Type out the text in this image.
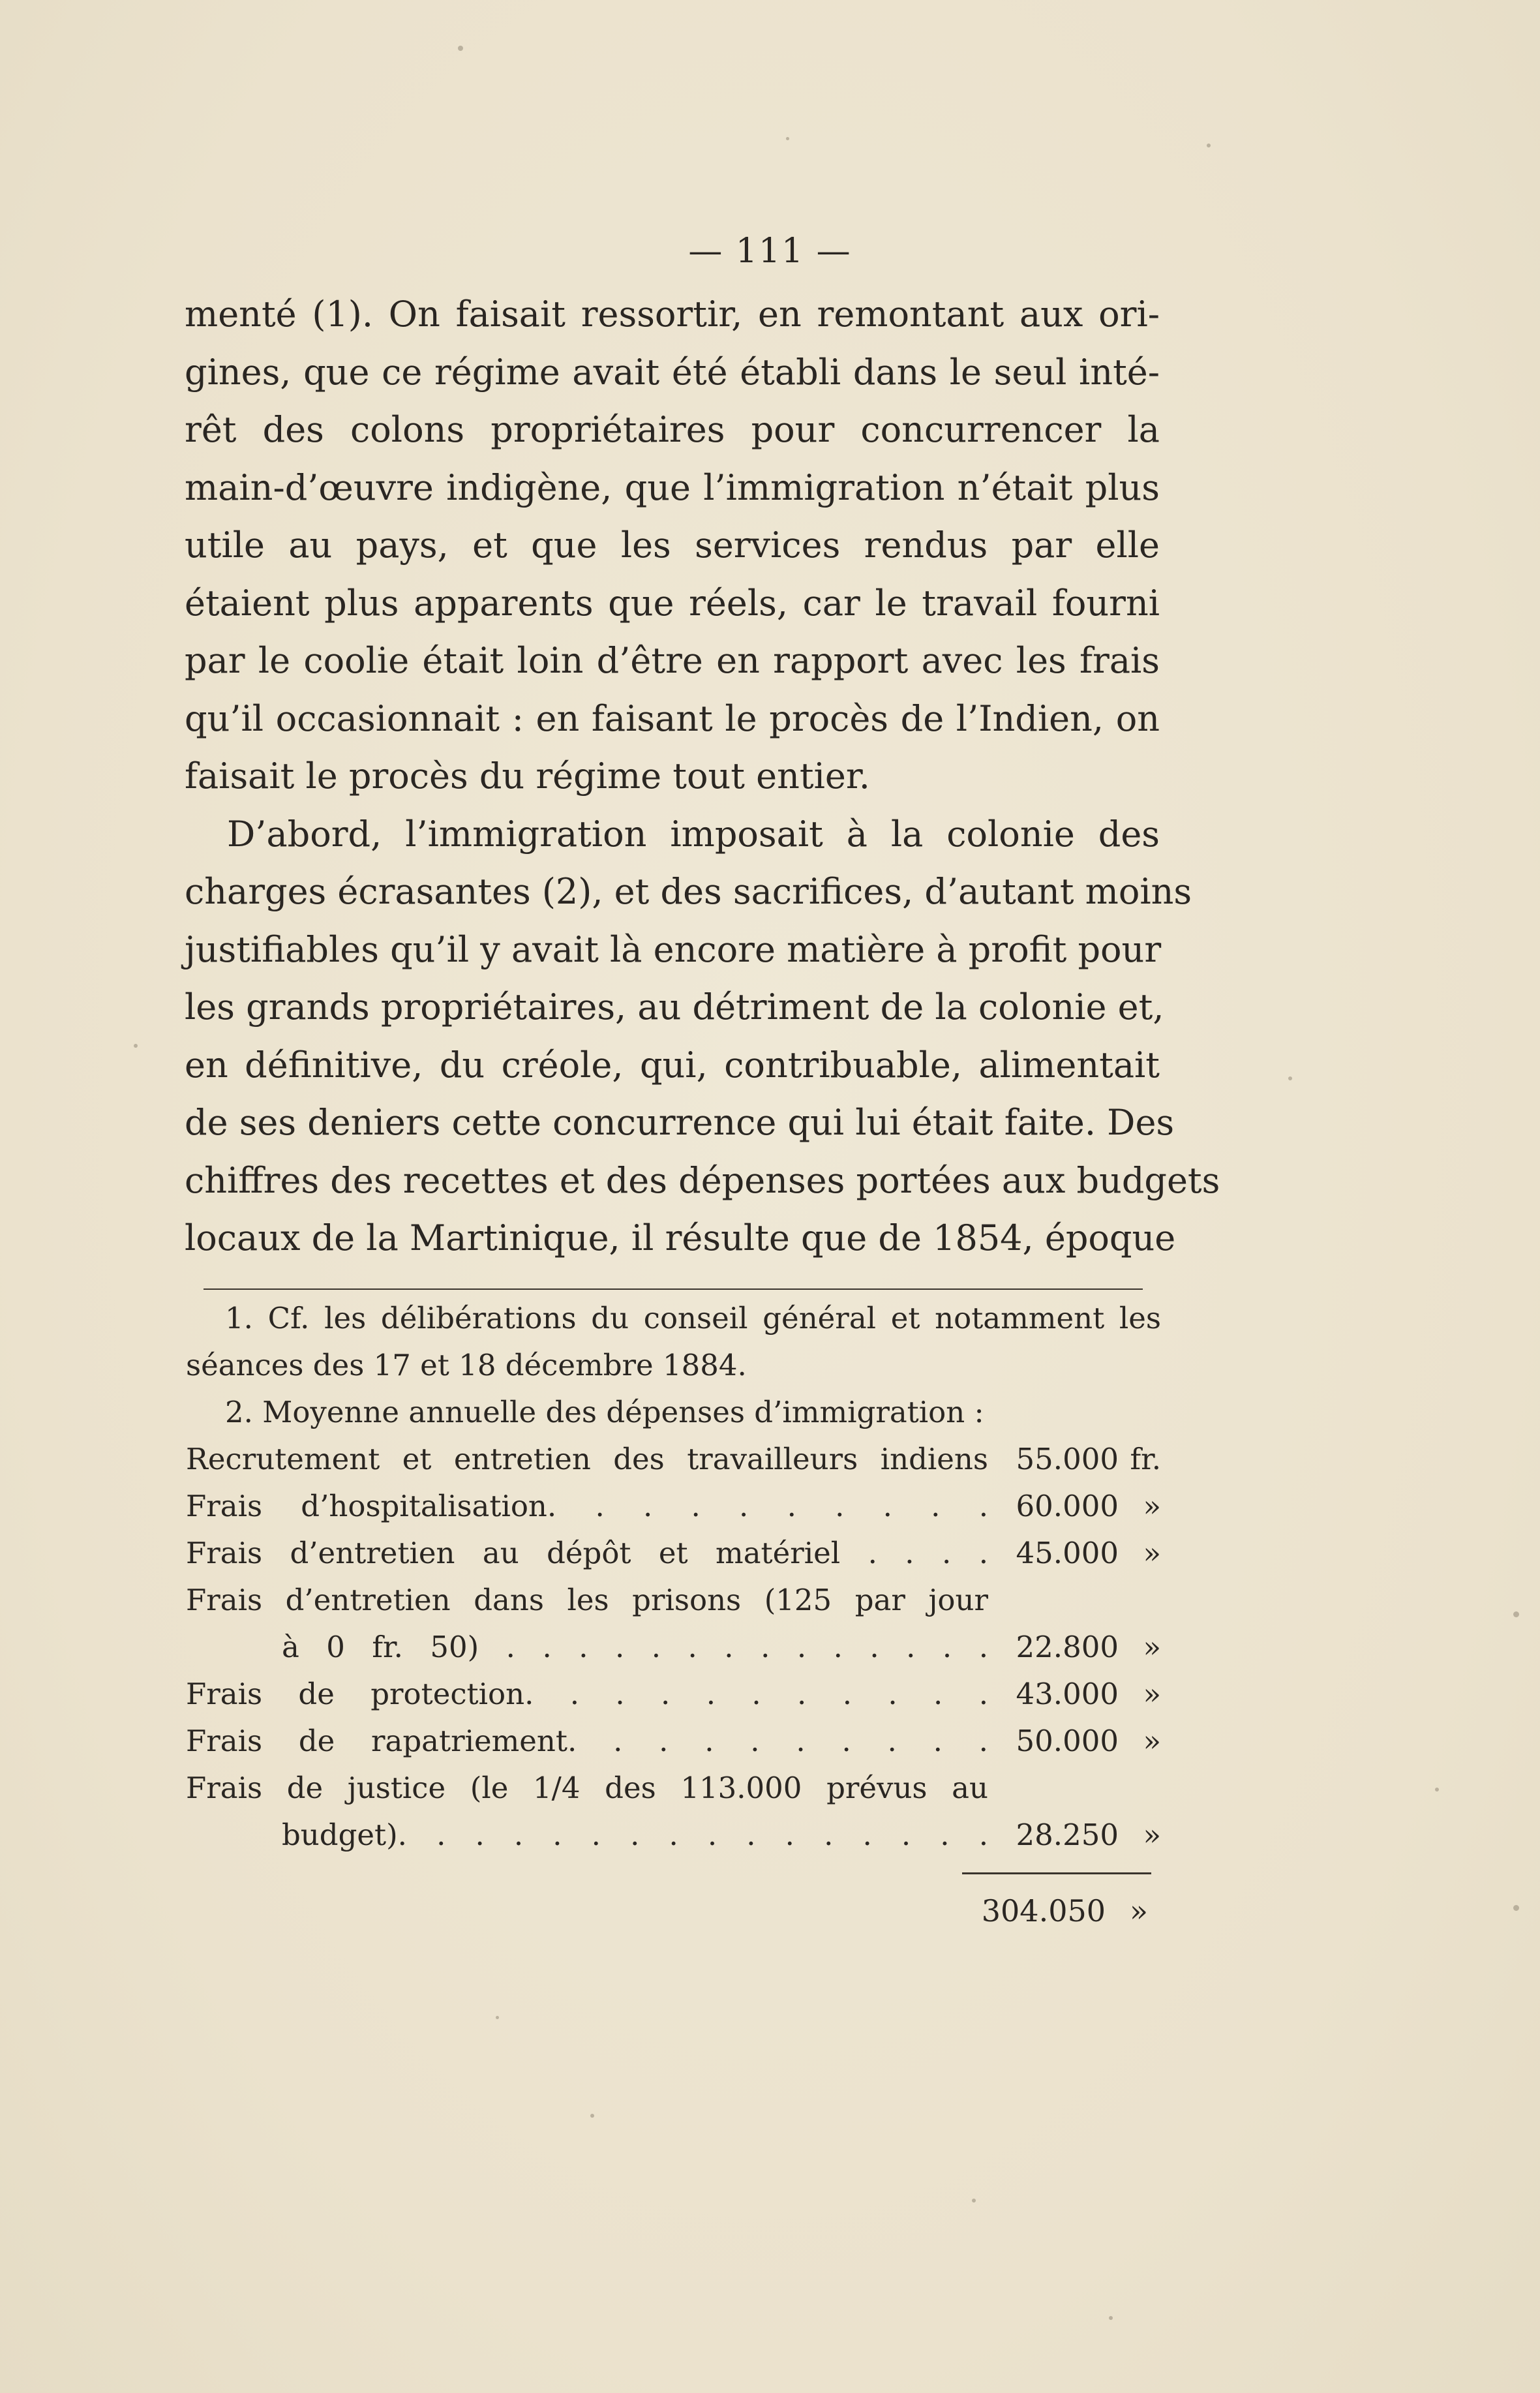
— 111 —
menté (1). On faisait ressortir, en remontant aux ori-
gines, que ce régime avait été établi dans le seul inté-
rêt des colons propriétaires pour concurrencer la
main-d’œuvre indigène, que l’immigration n’était plus
utile au pays, et que les services rendus par elle
étaient plus apparents que réels, car le travail fourni
par le coolie était loin d’être en rapport avec les frais
qu’il occasionnait : en faisant le procès de l’Indien, on
faisait le procès du régime tout entier.
D’abord, l’immigration imposait à la colonie des
charges écrasantes (2), et des sacrifices, d’autant moins
justifiables qu’il y avait là encore matière à profit pour
les grands propriétaires, au détriment de la colonie et,
en définitive, du créole, qui, contribuable, alimentait
de ses deniers cette concurrence qui lui était faite. Des
chiffres des recettes et des dépenses portées aux budgets
locaux de la Martinique, il résulte que de 1854, époque
1. Cf. les délibérations du conseil général et notamment les
séances des 17 et 18 décembre 1884.
2. Moyenne annuelle des dépenses d’immigration :
Recrutement et entretien des travailleurs indiens 55.000 fr.
Frais d’hospitalisation. . . . . . . . . . 60.000 »
Frais d’entretien au dépôt et matériel . . . . 45.000 »
Frais d’entretien dans les prisons (125 par jour
à 0 fr. 50) . . . . . . . . . . . . . . 22.800 »
Frais de protection. . . . . . . . . . . 43.000 »
Frais de rapatriement. . . . . . . . . . 50.000 »
Frais de justice (le 1/4 des 113.000 prévus au
budget). . . . . . . . . . . . . . . . 28.250 »
304.050 »
